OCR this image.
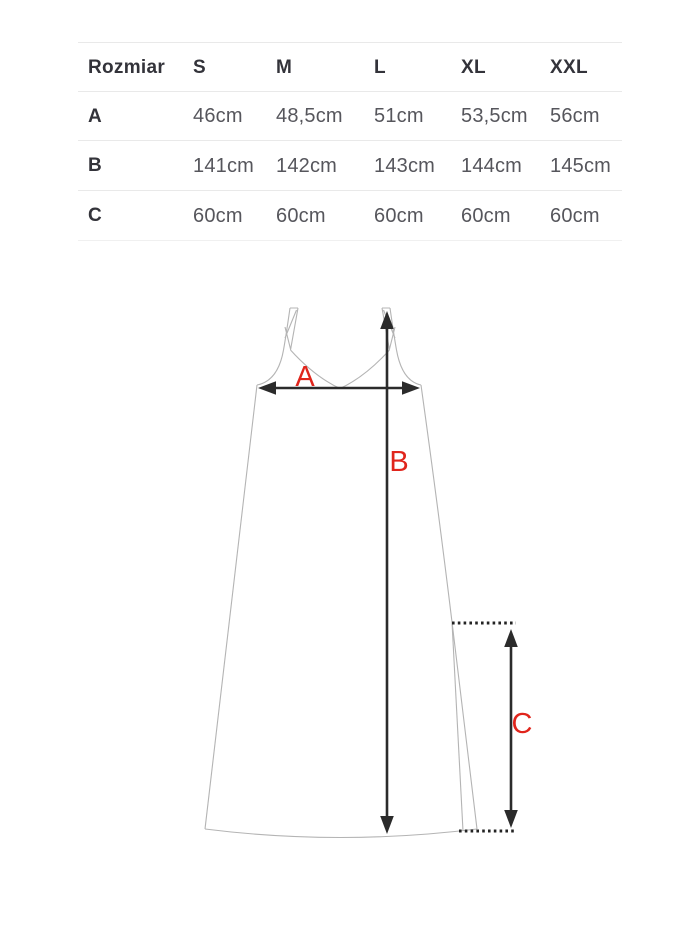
Rozmiar	S	M	L	XL	XXL
A	46cm	48,5cm	51cm	53,5cm	56cm
B	141cm	142cm	143cm	144cm	145cm
C	60cm	60cm	60cm	60cm	60cm
A
B
C
